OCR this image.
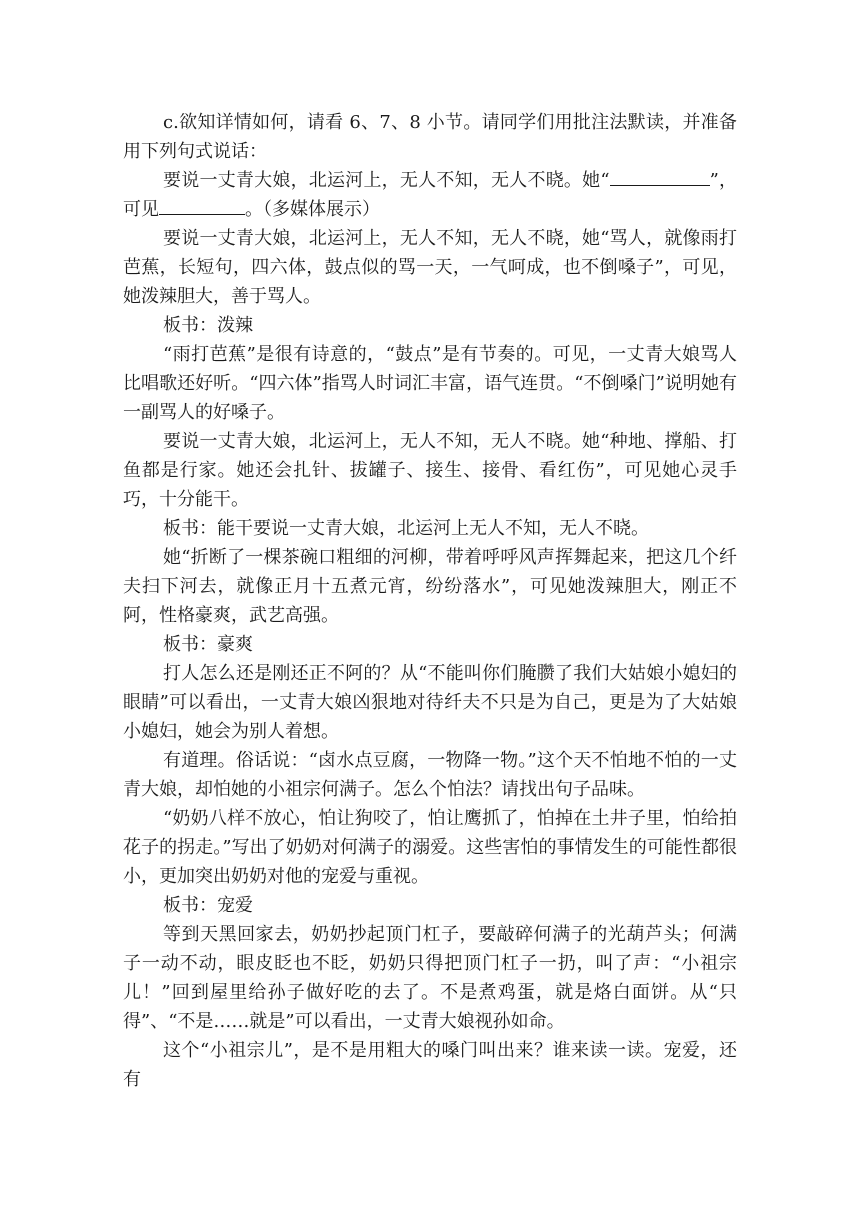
c.欲知详情如何，请看 6、7、8 小节。请同学们用批注法默读，并准备用下列句式说话：

要说一丈青大娘，北运河上，无人不知，无人不晓。她“	”，可见	。（多媒体展示）

要说一丈青大娘，北运河上，无人不知，无人不晓，她“骂人，就像雨打芭蕉，长短句，四六体，鼓点似的骂一天，一气呵成，也不倒嗓子”，可见，她泼辣胆大，善于骂人。

板书：泼辣

“雨打芭蕉”是很有诗意的，“鼓点”是有节奏的。可见，一丈青大娘骂人比唱歌还好听。“四六体”指骂人时词汇丰富，语气连贯。“不倒嗓门”说明她有一副骂人的好嗓子。

要说一丈青大娘，北运河上，无人不知，无人不晓。她“种地、撑船、打鱼都是行家。她还会扎针、拔罐子、接生、接骨、看红伤”，可见她心灵手巧，十分能干。

板书：能干要说一丈青大娘，北运河上无人不知，无人不晓。

她“折断了一棵茶碗口粗细的河柳，带着呼呼风声挥舞起来，把这几个纤夫扫下河去，就像正月十五煮元宵，纷纷落水”，可见她泼辣胆大，刚正不阿，性格豪爽，武艺高强。

板书：豪爽

打人怎么还是刚还正不阿的？从“不能叫你们腌臜了我们大姑娘小媳妇的眼睛”可以看出，一丈青大娘凶狠地对待纤夫不只是为自己，更是为了大姑娘小媳妇，她会为别人着想。

有道理。俗话说：“卤水点豆腐，一物降一物。”这个天不怕地不怕的一丈青大娘，却怕她的小祖宗何满子。怎么个怕法？请找出句子品味。

“奶奶八样不放心，怕让狗咬了，怕让鹰抓了，怕掉在土井子里，怕给拍花子的拐走。”写出了奶奶对何满子的溺爱。这些害怕的事情发生的可能性都很小，更加突出奶奶对他的宠爱与重视。

板书：宠爱

等到天黑回家去，奶奶抄起顶门杠子，要敲碎何满子的光葫芦头；何满子一动不动，眼皮眨也不眨，奶奶只得把顶门杠子一扔，叫了声：“小祖宗儿！”回到屋里给孙子做好吃的去了。不是煮鸡蛋，就是烙白面饼。从“只得”、“不是……就是”可以看出，一丈青大娘视孙如命。

这个“小祖宗儿”，是不是用粗大的嗓门叫出来？谁来读一读。宠爱，还有
